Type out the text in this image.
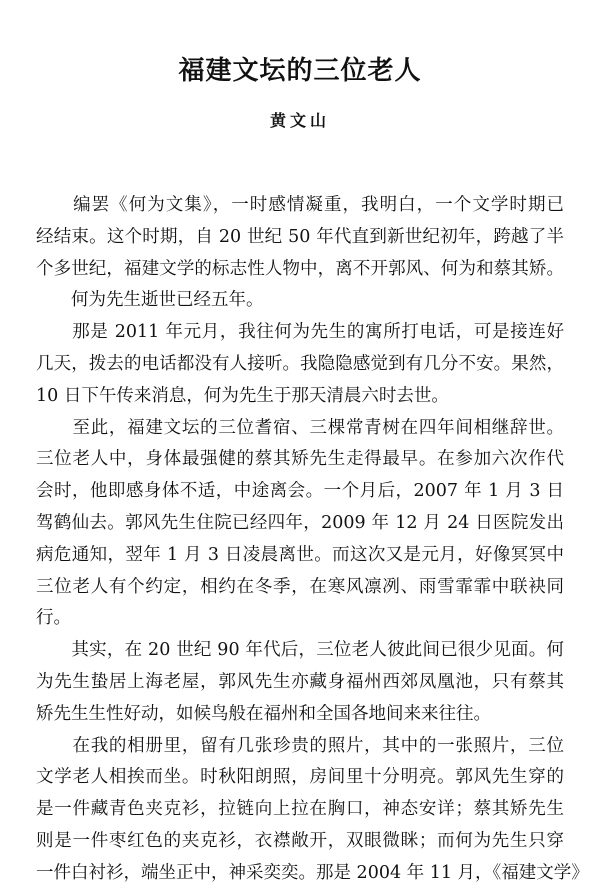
福建文坛的三位老人
黄文山
　　编罢《何为文集》，一时感情凝重，我明白，一个文学时期已
经结束。这个时期，自 20 世纪 50 年代直到新世纪初年，跨越了半
个多世纪，福建文学的标志性人物中，离不开郭风、何为和蔡其矫。
　　何为先生逝世已经五年。
　　那是 2011 年元月，我往何为先生的寓所打电话，可是接连好
几天，拨去的电话都没有人接听。我隐隐感觉到有几分不安。果然，
10 日下午传来消息，何为先生于那天清晨六时去世。
　　至此，福建文坛的三位耆宿、三棵常青树在四年间相继辞世。
三位老人中，身体最强健的蔡其矫先生走得最早。在参加六次作代
会时，他即感身体不适，中途离会。一个月后，2007 年 1 月 3 日
驾鹤仙去。郭风先生住院已经四年，2009 年 12 月 24 日医院发出
病危通知，翌年 1 月 3 日凌晨离世。而这次又是元月，好像冥冥中
三位老人有个约定，相约在冬季，在寒风凛冽、雨雪霏霏中联袂同
行。
　　其实，在 20 世纪 90 年代后，三位老人彼此间已很少见面。何
为先生蛰居上海老屋，郭风先生亦藏身福州西郊凤凰池，只有蔡其
矫先生生性好动，如候鸟般在福州和全国各地间来来往往。
　　在我的相册里，留有几张珍贵的照片，其中的一张照片，三位
文学老人相挨而坐。时秋阳朗照，房间里十分明亮。郭风先生穿的
是一件藏青色夹克衫，拉链向上拉在胸口，神态安详；蔡其矫先生
则是一件枣红色的夹克衫，衣襟敞开，双眼微眯；而何为先生只穿
一件白衬衫，端坐正中，神采奕奕。那是 2004 年 11 月，《福建文学》
